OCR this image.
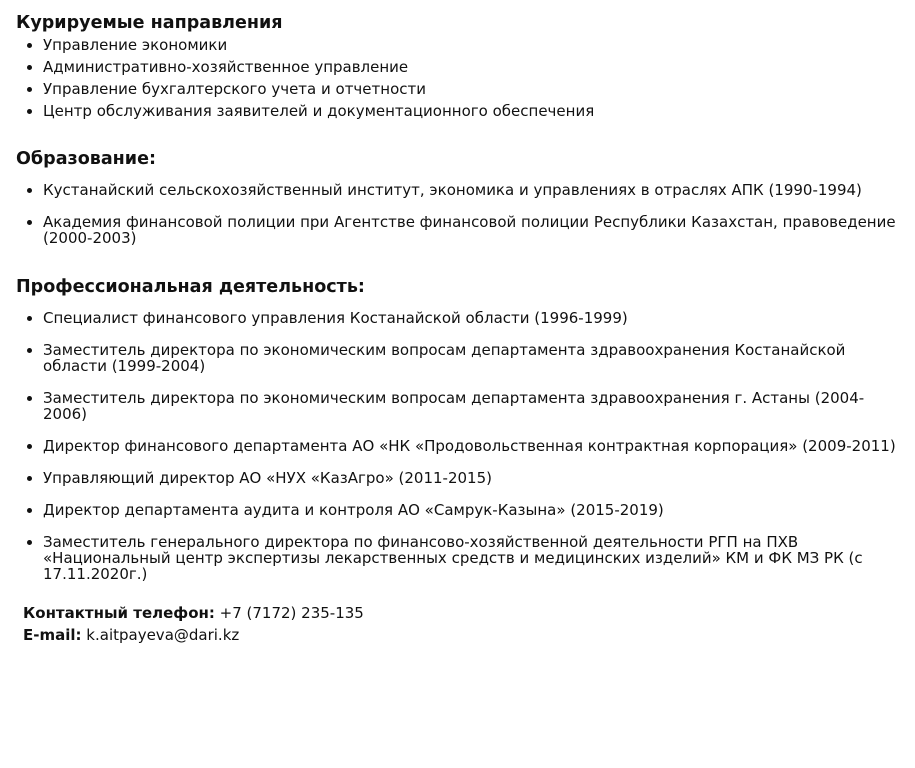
Курируемые направления
• Управление экономики
• Административно-хозяйственное управление
• Управление бухгалтерского учета и отчетности
• Центр обслуживания заявителей и документационного обеспечения
Образование:
• Кустанайский сельскохозяйственный институт, экономика и управлениях в отраслях АПК (1990-1994)
• Академия финансовой полиции при Агентстве финансовой полиции Республики Казахстан, правоведение (2000-2003)
Профессиональная деятельность:
• Специалист финансового управления Костанайской области (1996-1999)
• Заместитель директора по экономическим вопросам департамента здравоохранения Костанайской области (1999-2004)
• Заместитель директора по экономическим вопросам департамента здравоохранения г. Астаны (2004-2006)
• Директор финансового департамента АО «НК «Продовольственная контрактная корпорация» (2009-2011)
• Управляющий директор АО «НУХ «КазАгро» (2011-2015)
• Директор департамента аудита и контроля АО «Самрук-Казына» (2015-2019)
• Заместитель генерального директора по финансово-хозяйственной деятельности РГП на ПХВ «Национальный центр экспертизы лекарственных средств и медицинских изделий» КМ и ФК МЗ РК (с 17.11.2020г.)
Контактный телефон: +7 (7172) 235-135
E-mail: k.aitpayeva@dari.kz
